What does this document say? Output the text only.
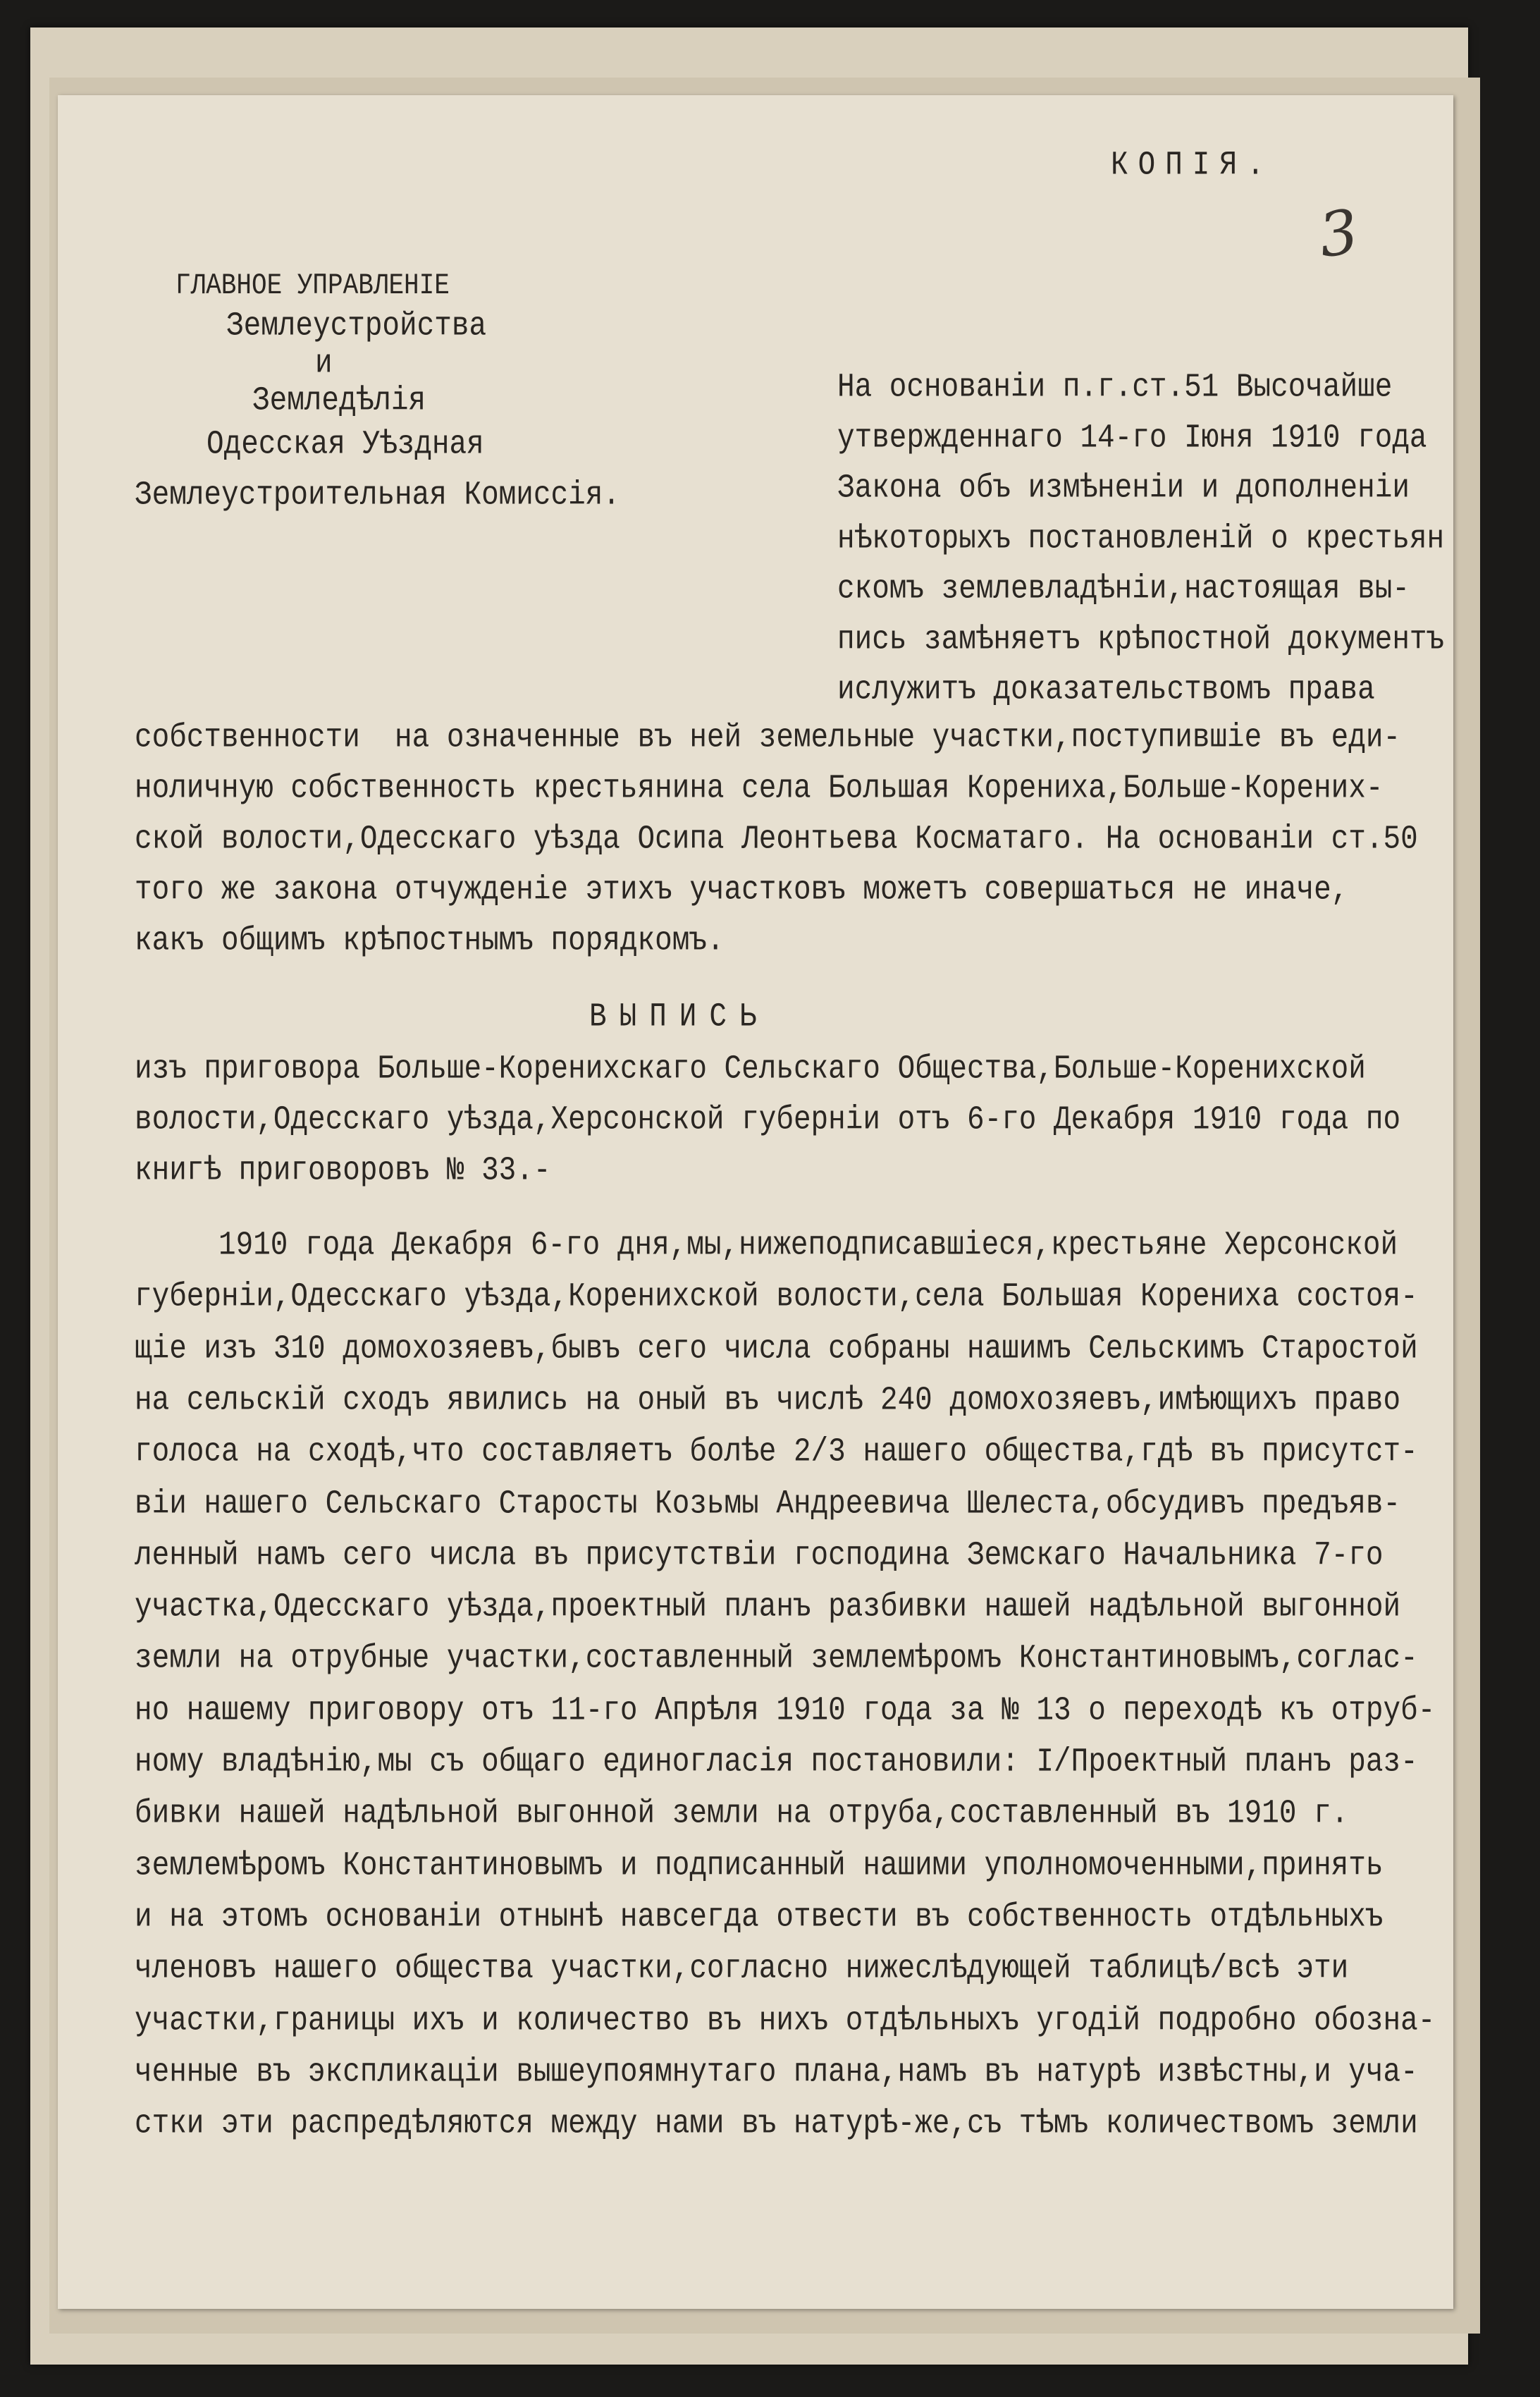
КОПIЯ.
3
ГЛАВНОЕ УПРАВЛЕНIЕ
Землеустройства
и
Земледѣлiя
Одесская Уѣздная
Землеустроительная Комиссiя.
На основанiи п.г.ст.51 Высочайше
утвержденнаго 14-го Iюня 1910 года
Закона объ измѣненiи и дополненiи
нѣкоторыхъ постановленiй о крестьян
скомъ землевладѣнiи,настоящая вы-
пись замѣняетъ крѣпостной документъ
ислужитъ доказательствомъ права
собственности  на означенные въ ней земельные участки,поступившiе въ еди-
ноличную собственность крестьянина села Большая Корениха,Больше-Корених-
ской волости,Одесскаго уѣзда Осипа Леонтьева Косматаго. На основанiи ст.50
того же закона отчужденiе этихъ участковъ можетъ совершаться не иначе,
какъ общимъ крѣпостнымъ порядкомъ.
ВЫПИСЬ
изъ приговора Больше-Коренихскаго Сельскаго Общества,Больше-Коренихской
волости,Одесскаго уѣзда,Херсонской губернiи отъ 6-го Декабря 1910 года по
книгѣ приговоровъ № 33.-
1910 года Декабря 6-го дня,мы,нижеподписавшiеся,крестьяне Херсонской
губернiи,Одесскаго уѣзда,Коренихской волости,села Большая Корениха состоя-
щiе изъ 310 домохозяевъ,бывъ сего числа собраны нашимъ Сельскимъ Старостой
на сельскiй сходъ явились на оный въ числѣ 240 домохозяевъ,имѣющихъ право
голоса на сходѣ,что составляетъ болѣе 2/3 нашего общества,гдѣ въ присутст-
вiи нашего Сельскаго Старосты Козьмы Андреевича Шелеста,обсудивъ предъяв-
ленный намъ сего числа въ присутствiи господина Земскаго Начальника 7-го
участка,Одесскаго уѣзда,проектный планъ разбивки нашей надѣльной выгонной
земли на отрубные участки,составленный землемѣромъ Константиновымъ,соглас-
но нашему приговору отъ 11-го Апрѣля 1910 года за № 13 о переходѣ къ отруб-
ному владѣнiю,мы съ общаго единогласiя постановили: I/Проектный планъ раз-
бивки нашей надѣльной выгонной земли на отруба,составленный въ 1910 г.
землемѣромъ Константиновымъ и подписанный нашими уполномоченными,принять
и на этомъ основанiи отнынѣ навсегда отвести въ собственность отдѣльныхъ
членовъ нашего общества участки,согласно нижеслѣдующей таблицѣ/всѣ эти
участки,границы ихъ и количество въ нихъ отдѣльныхъ угодiй подробно обозна-
ченные въ экспликацiи вышеупоямнутаго плана,намъ въ натурѣ извѣстны,и уча-
стки эти распредѣляются между нами въ натурѣ-же,съ тѣмъ количествомъ земли
